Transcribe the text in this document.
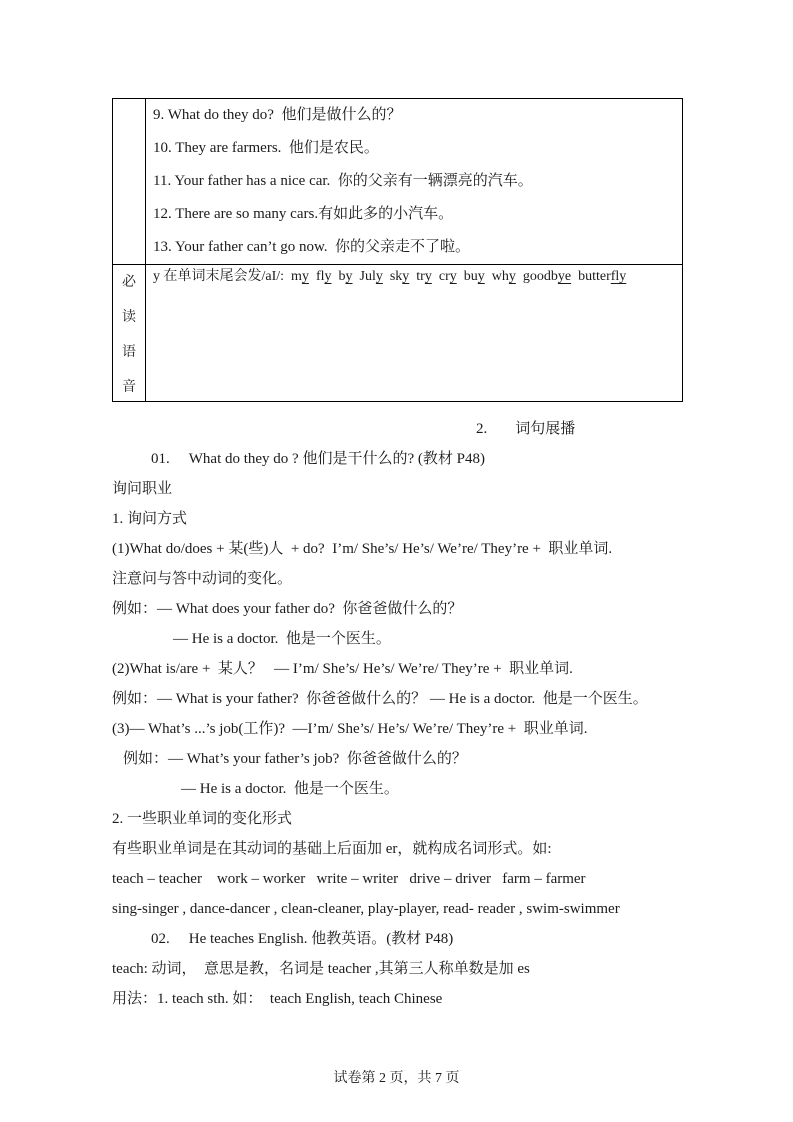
	9. What do they do?  他们是做什么的？
10. They are farmers.  他们是农民。
11. Your father has a nice car.  你的父亲有一辆漂亮的汽车。
12. There are so many cars.有如此多的小汽车。
13. Your father can’t go now.  你的父亲走不了啦。

必
读
语
音	y 在单词末尾会发/aI/: my fly by July sky try cry buy why goodbye butterfly
2. 词句展播

01. What do they do ? 他们是干什么的? (教材 P48)

询问职业

1. 询问方式

(1)What do/does + 某(些)人  + do?  I’m/ She’s/ He’s/ We’re/ They’re +  职业单词.

注意问与答中动词的变化。

例如：— What does your father do?  你爸爸做什么的？

— He is a doctor.  他是一个医生。

(2)What is/are +  某人？   — I’m/ She’s/ He’s/ We’re/ They’re +  职业单词.

例如：— What is your father?  你爸爸做什么的？ — He is a doctor.  他是一个医生。

(3)— What’s ...’s job(工作)?  —I’m/ She’s/ He’s/ We’re/ They’re +  职业单词.

例如：— What’s your father’s job?  你爸爸做什么的？

— He is a doctor.  他是一个医生。

2. 一些职业单词的变化形式

有些职业单词是在其动词的基础上后面加 er，就构成名词形式。如:

teach – teacher    work – worker   write – writer   drive – driver   farm – farmer

sing-singer , dance-dancer , clean-cleaner, play-player, read- reader , swim-swimmer

02. He teaches English. 他教英语。(教材 P48)

teach: 动词，  意思是教，名词是 teacher ,其第三人称单数是加 es

用法：1. teach sth. 如：  teach English, teach Chinese

试卷第 2 页，共 7 页
